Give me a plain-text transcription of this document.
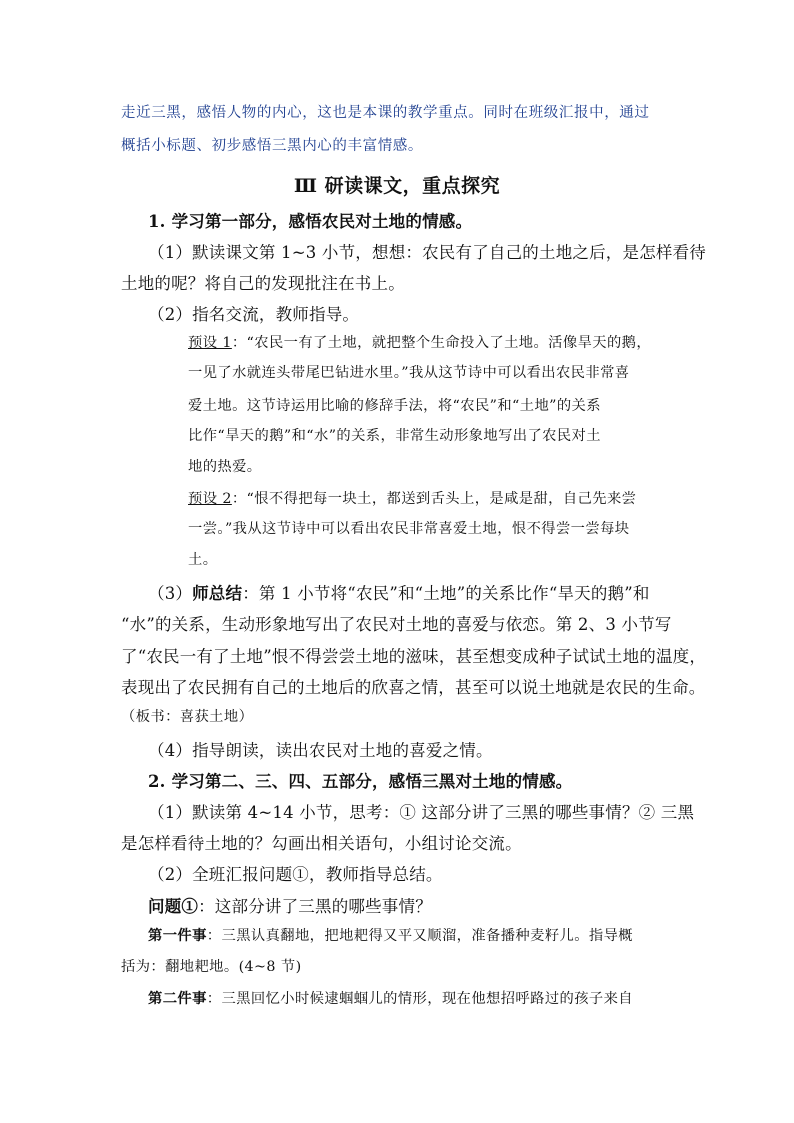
走近三黑，感悟人物的内心，这也是本课的教学重点。同时在班级汇报中，通过
概括小标题、初步感悟三黑内心的丰富情感。
Ⅲ 研读课文，重点探究
1. 学习第一部分，感悟农民对土地的情感。
（1）默读课文第 1~3 小节，想想：农民有了自己的土地之后，是怎样看待
土地的呢？将自己的发现批注在书上。
（2）指名交流，教师指导。
预设 1：“农民一有了土地，就把整个生命投入了土地。活像旱天的鹅，
一见了水就连头带尾巴钻进水里。”我从这节诗中可以看出农民非常喜
爱土地。这节诗运用比喻的修辞手法，将“农民”和“土地”的关系
比作“旱天的鹅”和“水”的关系，非常生动形象地写出了农民对土
地的热爱。
预设 2：“恨不得把每一块土，都送到舌头上，是咸是甜，自己先来尝
一尝。”我从这节诗中可以看出农民非常喜爱土地，恨不得尝一尝每块
土。
（3）师总结：第 1 小节将“农民”和“土地”的关系比作“旱天的鹅”和
“水”的关系，生动形象地写出了农民对土地的喜爱与依恋。第 2、3 小节写
了“农民一有了土地”恨不得尝尝土地的滋味，甚至想变成种子试试土地的温度，
表现出了农民拥有自己的土地后的欣喜之情，甚至可以说土地就是农民的生命。
（板书：喜获土地）
（4）指导朗读，读出农民对土地的喜爱之情。
2. 学习第二、三、四、五部分，感悟三黑对土地的情感。
（1）默读第 4~14 小节，思考：① 这部分讲了三黑的哪些事情？② 三黑
是怎样看待土地的？勾画出相关语句，小组讨论交流。
（2）全班汇报问题①，教师指导总结。
问题①：这部分讲了三黑的哪些事情？
第一件事：三黑认真翻地，把地耙得又平又顺溜，准备播种麦籽儿。指导概
括为：翻地耙地。(4~8 节)
第二件事：三黑回忆小时候逮蝈蝈儿的情形，现在他想招呼路过的孩子来自
